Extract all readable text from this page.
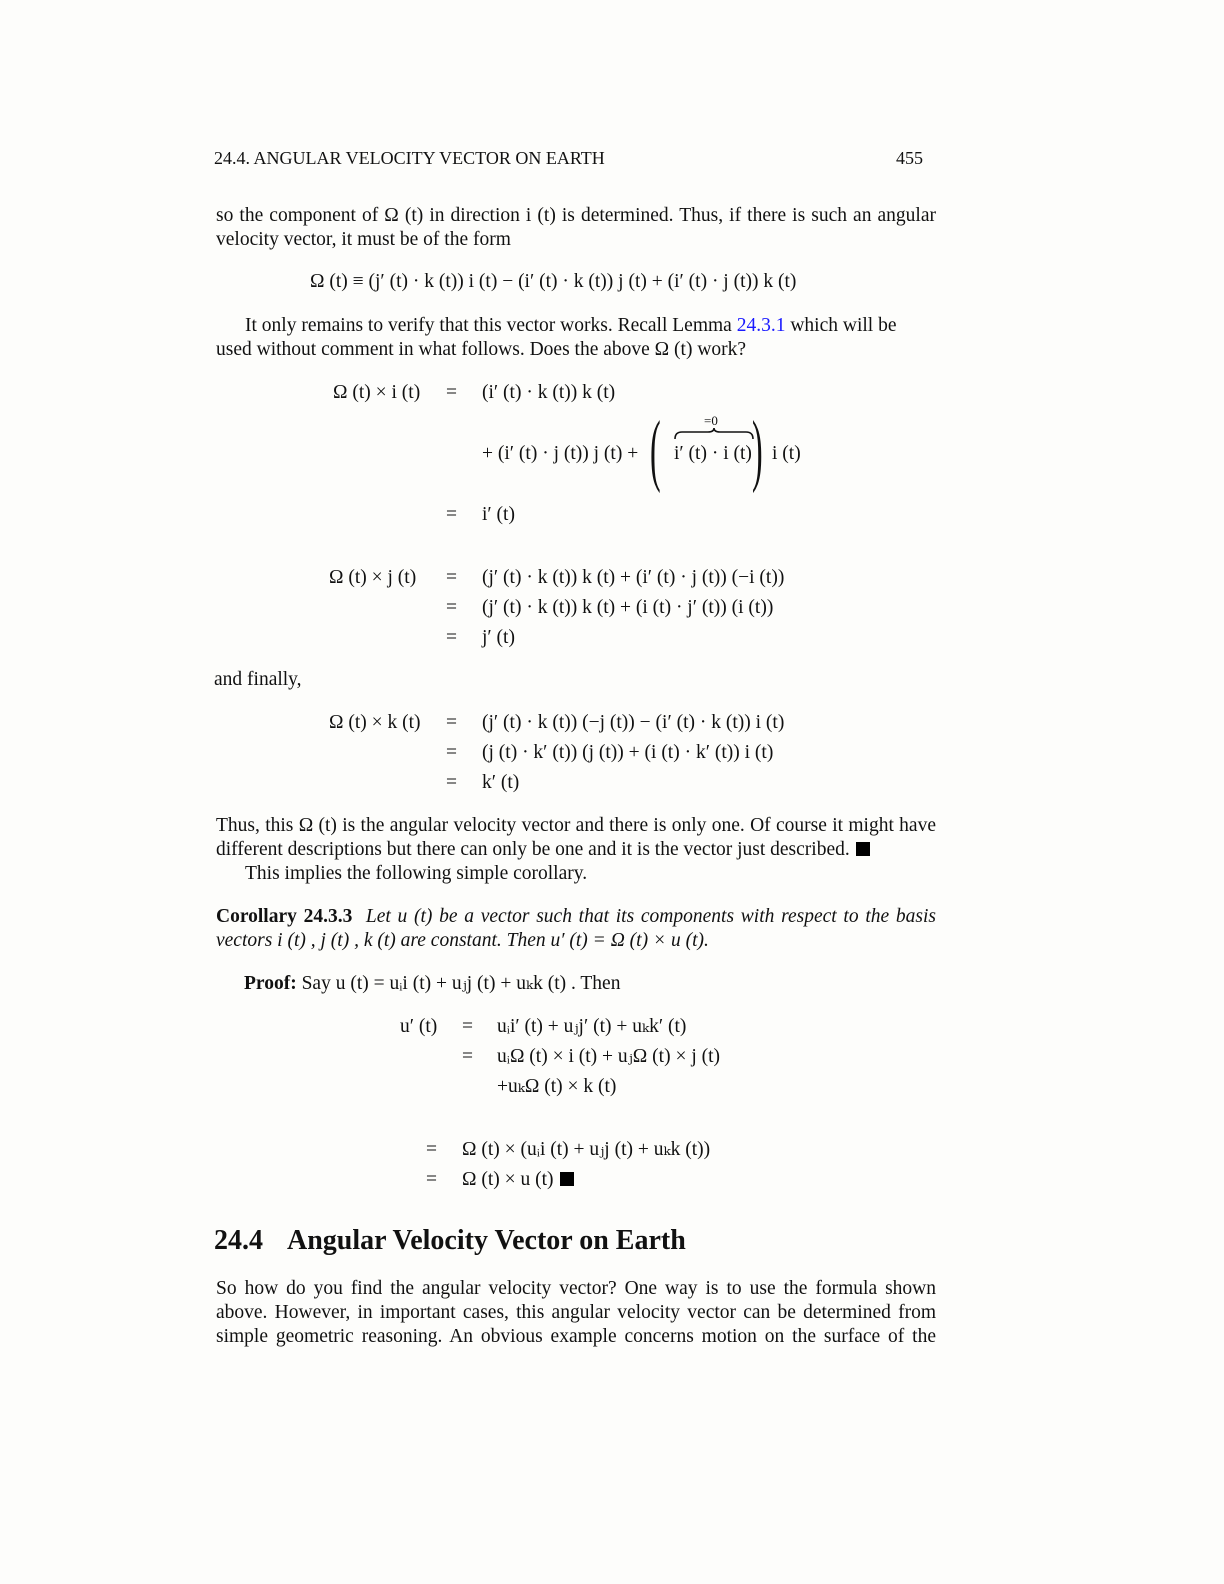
24.4. ANGULAR VELOCITY VECTOR ON EARTH	455
so the component of Ω (t) in direction i (t) is determined. Thus, if there is such an angular
velocity vector, it must be of the form
Ω (t) ≡ (j′ (t) · k (t)) i (t) − (i′ (t) · k (t)) j (t) + (i′ (t) · j (t)) k (t)
It only remains to verify that this vector works. Recall Lemma 24.3.1 which will be
used without comment in what follows. Does the above Ω (t) work?
Ω (t) × i (t) = (i′ (t) · k (t)) k (t)
+ (i′ (t) · j (t)) j (t) + ( )
=0
i′ (t) · i (t) i (t)
= i′ (t)
Ω (t) × j (t) = (j′ (t) · k (t)) k (t) + (i′ (t) · j (t)) (−i (t))
= (j′ (t) · k (t)) k (t) + (i (t) · j′ (t)) (i (t))
= j′ (t)
and finally,
Ω (t) × k (t) = (j′ (t) · k (t)) (−j (t)) − (i′ (t) · k (t)) i (t)
= (j (t) · k′ (t)) (j (t)) + (i (t) · k′ (t)) i (t)
= k′ (t)
Thus, this Ω (t) is the angular velocity vector and there is only one. Of course it might have
different descriptions but there can only be one and it is the vector just described.
This implies the following simple corollary.
Corollary 24.3.3 Let u (t) be a vector such that its components with respect to the basis
vectors i (t) , j (t) , k (t) are constant. Then u′ (t) = Ω (t) × u (t).
Proof: Say u (t) = uᵢi (t) + uⱼj (t) + uₖk (t) . Then
u′ (t) = uᵢi′ (t) + uⱼj′ (t) + uₖk′ (t)
= uᵢΩ (t) × i (t) + uⱼΩ (t) × j (t)
+uₖΩ (t) × k (t)
= Ω (t) × (uᵢi (t) + uⱼj (t) + uₖk (t))
= Ω (t) × u (t)
24.4 Angular Velocity Vector on Earth
So how do you find the angular velocity vector? One way is to use the formula shown
above. However, in important cases, this angular velocity vector can be determined from
simple geometric reasoning. An obvious example concerns motion on the surface of the
